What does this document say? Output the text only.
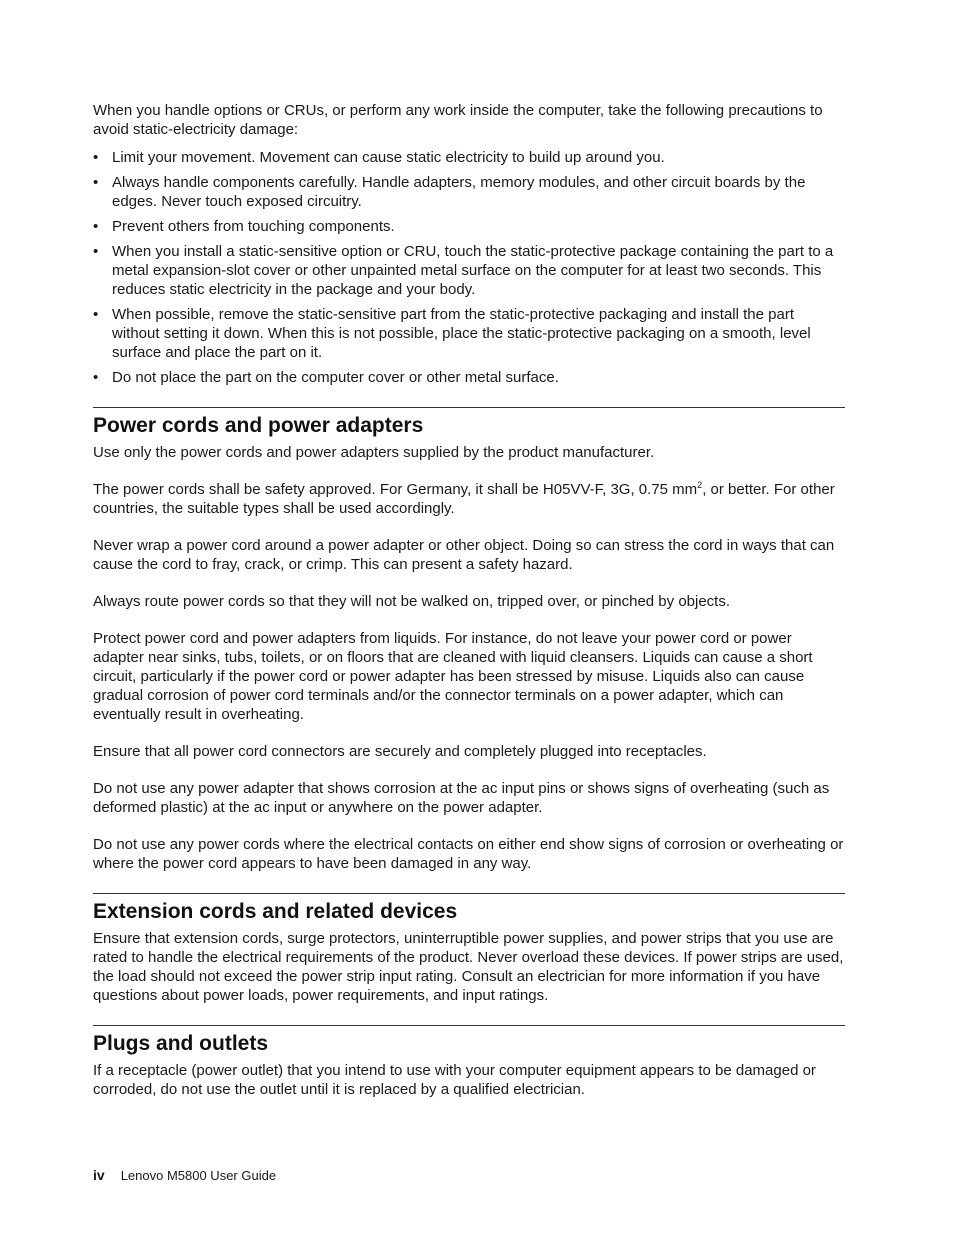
When you handle options or CRUs, or perform any work inside the computer, take the following precautions to avoid static-electricity damage:

• Limit your movement. Movement can cause static electricity to build up around you.
• Always handle components carefully. Handle adapters, memory modules, and other circuit boards by the edges. Never touch exposed circuitry.
• Prevent others from touching components.
• When you install a static-sensitive option or CRU, touch the static-protective package containing the part to a metal expansion-slot cover or other unpainted metal surface on the computer for at least two seconds. This reduces static electricity in the package and your body.
• When possible, remove the static-sensitive part from the static-protective packaging and install the part without setting it down. When this is not possible, place the static-protective packaging on a smooth, level surface and place the part on it.
• Do not place the part on the computer cover or other metal surface.
Power cords and power adapters

Use only the power cords and power adapters supplied by the product manufacturer.

The power cords shall be safety approved. For Germany, it shall be H05VV-F, 3G, 0.75 $mm^2$, or better. For other countries, the suitable types shall be used accordingly.

Never wrap a power cord around a power adapter or other object. Doing so can stress the cord in ways that can cause the cord to fray, crack, or crimp. This can present a safety hazard.

Always route power cords so that they will not be walked on, tripped over, or pinched by objects.

Protect power cord and power adapters from liquids. For instance, do not leave your power cord or power adapter near sinks, tubs, toilets, or on floors that are cleaned with liquid cleansers. Liquids can cause a short circuit, particularly if the power cord or power adapter has been stressed by misuse. Liquids also can cause gradual corrosion of power cord terminals and/or the connector terminals on a power adapter, which can eventually result in overheating.

Ensure that all power cord connectors are securely and completely plugged into receptacles.

Do not use any power adapter that shows corrosion at the ac input pins or shows signs of overheating (such as deformed plastic) at the ac input or anywhere on the power adapter.

Do not use any power cords where the electrical contacts on either end show signs of corrosion or overheating or where the power cord appears to have been damaged in any way.

Extension cords and related devices

Ensure that extension cords, surge protectors, uninterruptible power supplies, and power strips that you use are rated to handle the electrical requirements of the product. Never overload these devices. If power strips are used, the load should not exceed the power strip input rating. Consult an electrician for more information if you have questions about power loads, power requirements, and input ratings.

Plugs and outlets

If a receptacle (power outlet) that you intend to use with your computer equipment appears to be damaged or corroded, do not use the outlet until it is replaced by a qualified electrician.

iv Lenovo M5800 User Guide
